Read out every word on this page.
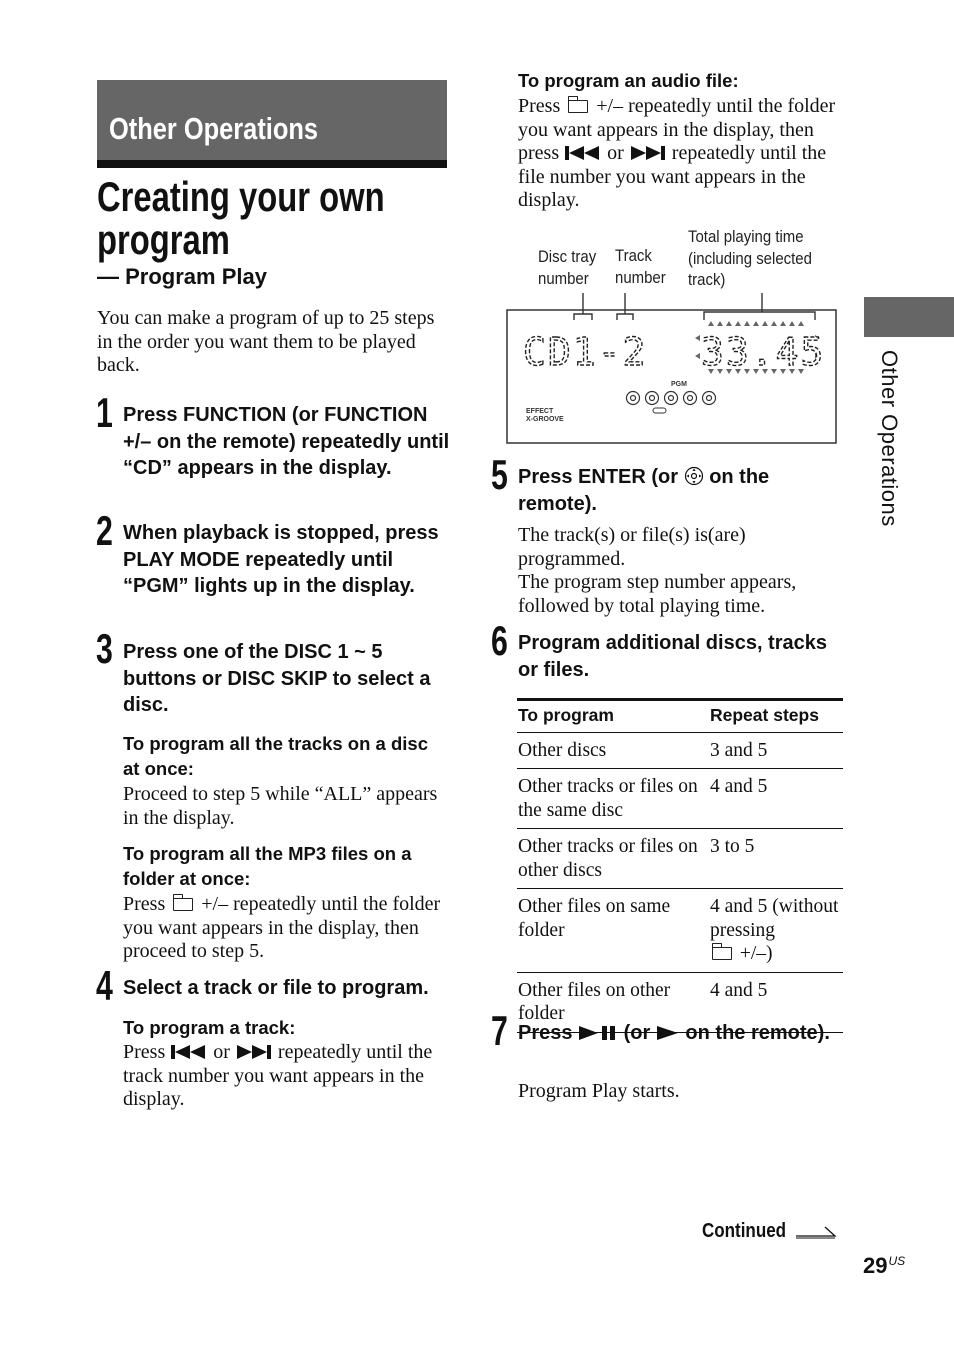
Other Operations
Other Operations
Creating your own
program
— Program Play
You can make a program of up to 25 steps in the order you want them to be played back.
1 Press FUNCTION (or FUNCTION +/– on the remote) repeatedly until “CD” appears in the display.
2 When playback is stopped, press PLAY MODE repeatedly until “PGM” lights up in the display.
3 Press one of the DISC 1 ~ 5 buttons or DISC SKIP to select a disc.
To program all the tracks on a disc at once:
Proceed to step 5 while “ALL” appears in the display.
To program all the MP3 files on a folder at once:
Press +/– repeatedly until the folder you want appears in the display, then proceed to step 5.
4 Select a track or file to program.
To program a track:
Press or repeatedly until the track number you want appears in the display.
To program an audio file:
Press +/– repeatedly until the folder you want appears in the display, then press or repeatedly until the file number you want appears in the display.
Disc tray number
Track number
Total playing time (including selected track)
CD1-2 33.45
PGM
EFFECT
X-GROOVE
5 Press ENTER (or on the remote).
The track(s) or file(s) is(are) programmed.
The program step number appears, followed by total playing time.
6 Program additional discs, tracks or files.
To program	Repeat steps
Other discs	3 and 5
Other tracks or files on the same disc	4 and 5
Other tracks or files on other discs	3 to 5
Other files on same folder	4 and 5 (without pressing
+/–)
Other files on other folder	4 and 5
7 Press	(or on the remote).
Program Play starts.
Continued
$29^{US}$
